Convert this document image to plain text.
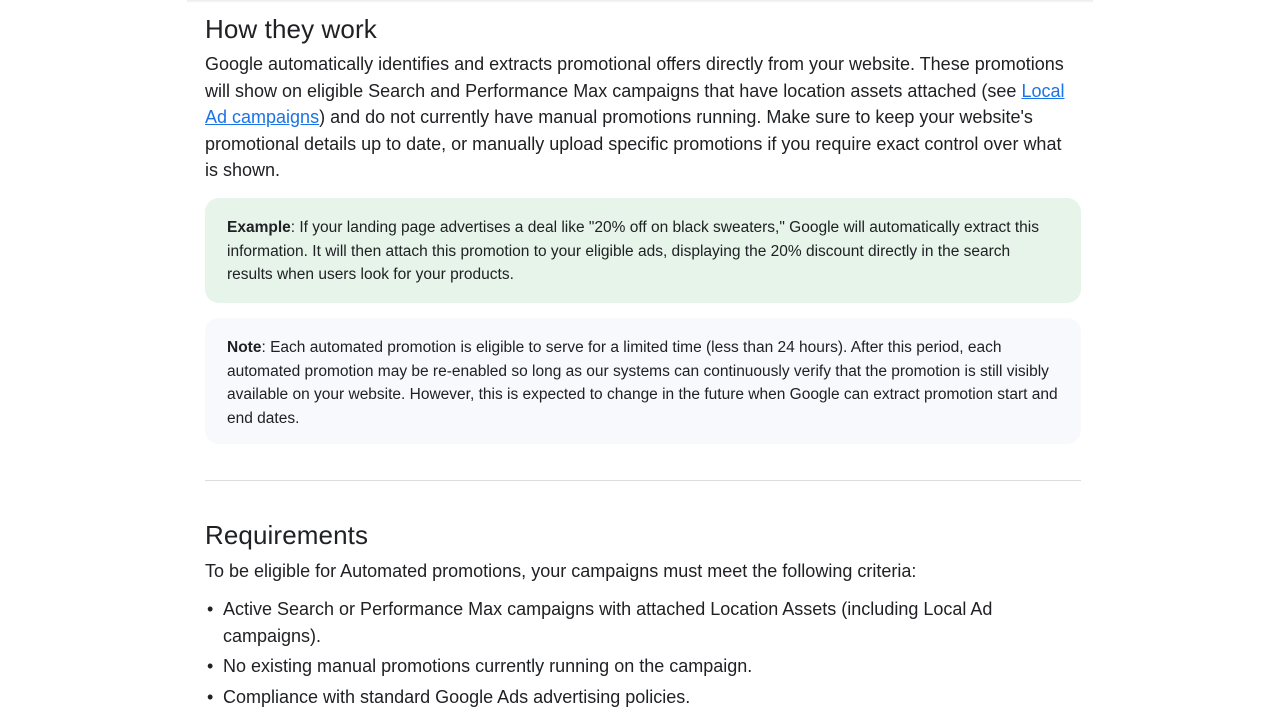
How they work

Google automatically identifies and extracts promotional offers directly from your website. These promotions will show on eligible Search and Performance Max campaigns that have location assets attached (see Local Ad campaigns) and do not currently have manual promotions running. Make sure to keep your website's promotional details up to date, or manually upload specific promotions if you require exact control over what is shown.

Example: If your landing page advertises a deal like "20% off on black sweaters," Google will automatically extract this information. It will then attach this promotion to your eligible ads, displaying the 20% discount directly in the search results when users look for your products.
Note: Each automated promotion is eligible to serve for a limited time (less than 24 hours). After this period, each automated promotion may be re-enabled so long as our systems can continuously verify that the promotion is still visibly available on your website. However, this is expected to change in the future when Google can extract promotion start and end dates.
Requirements

To be eligible for Automated promotions, your campaigns must meet the following criteria:

• Active Search or Performance Max campaigns with attached Location Assets (including Local Ad campaigns).
• No existing manual promotions currently running on the campaign.
• Compliance with standard Google Ads advertising policies.
